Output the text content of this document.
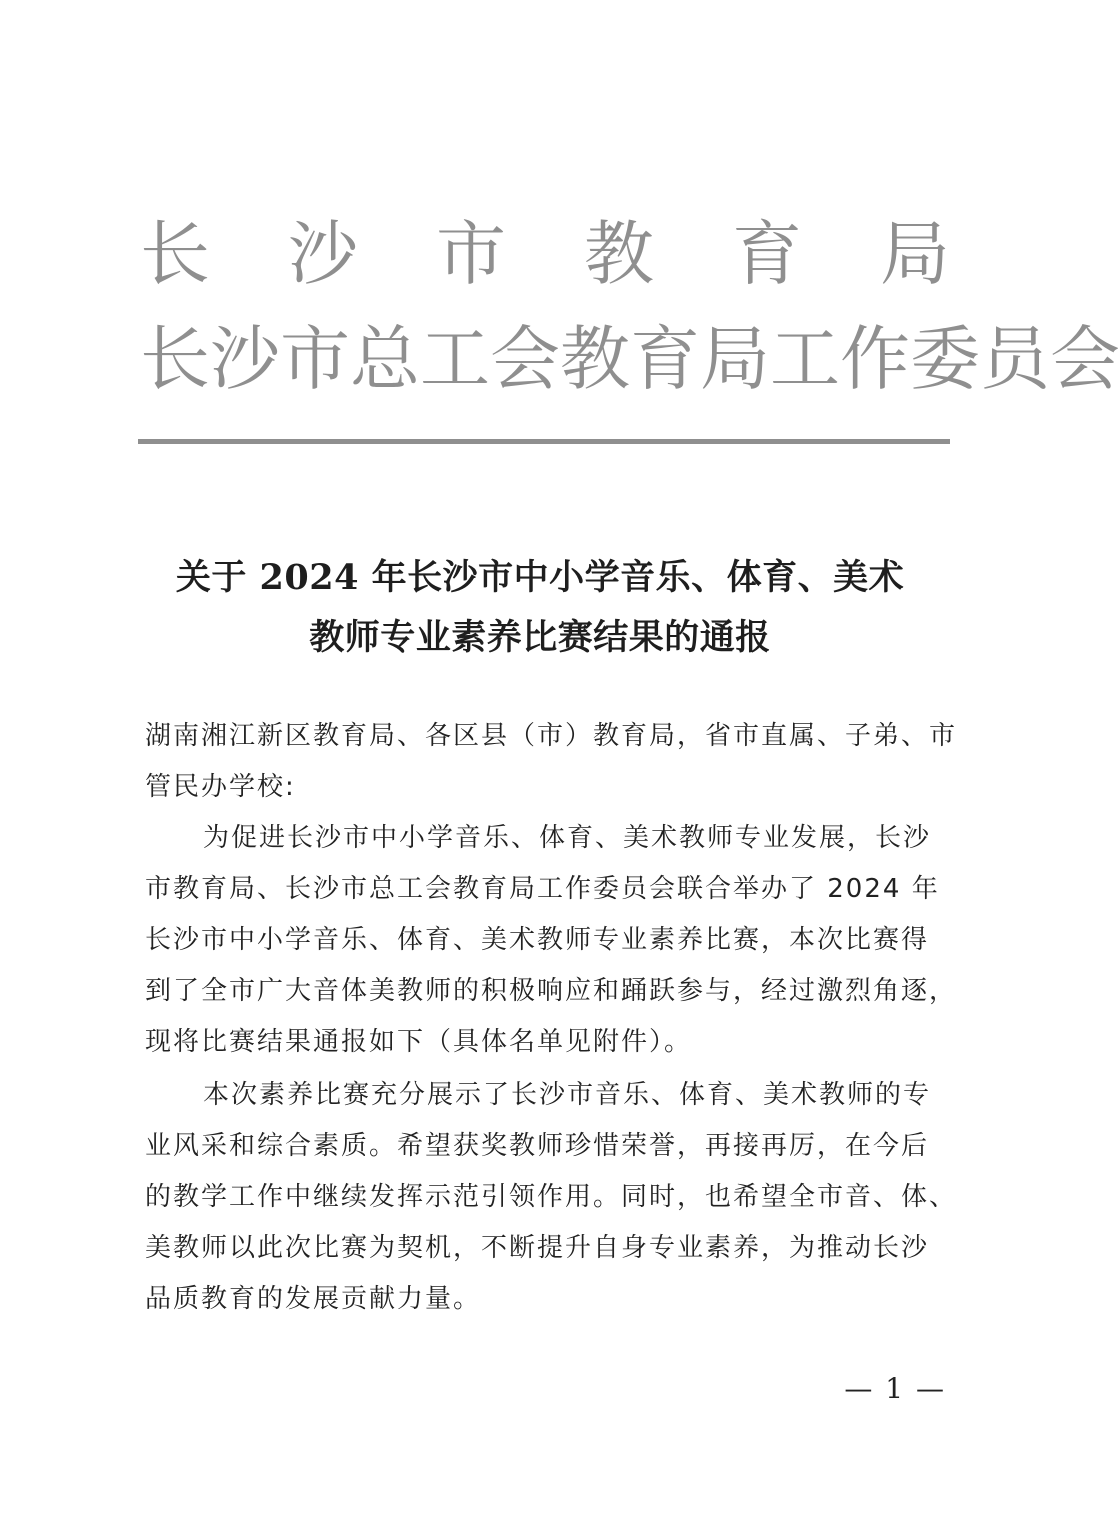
长 沙 市 教 育 局
长 沙 市 总 工 会 教 育 局 工 作 委 员 会
关于 2024 年长沙市中小学音乐、体育、美术
教师专业素养比赛结果的通报
湖南湘江新区教育局、各区县（市）教育局，省市直属、子弟、市
管民办学校:
为促进长沙市中小学音乐、体育、美术教师专业发展，长沙
市教育局、长沙市总工会教育局工作委员会联合举办了 2024 年
长沙市中小学音乐、体育、美术教师专业素养比赛，本次比赛得
到了全市广大音体美教师的积极响应和踊跃参与，经过激烈角逐，
现将比赛结果通报如下（具体名单见附件）。
本次素养比赛充分展示了长沙市音乐、体育、美术教师的专
业风采和综合素质。希望获奖教师珍惜荣誉，再接再厉，在今后
的教学工作中继续发挥示范引领作用。同时，也希望全市音、体、
美教师以此次比赛为契机，不断提升自身专业素养，为推动长沙
品质教育的发展贡献力量。
— 1 —
